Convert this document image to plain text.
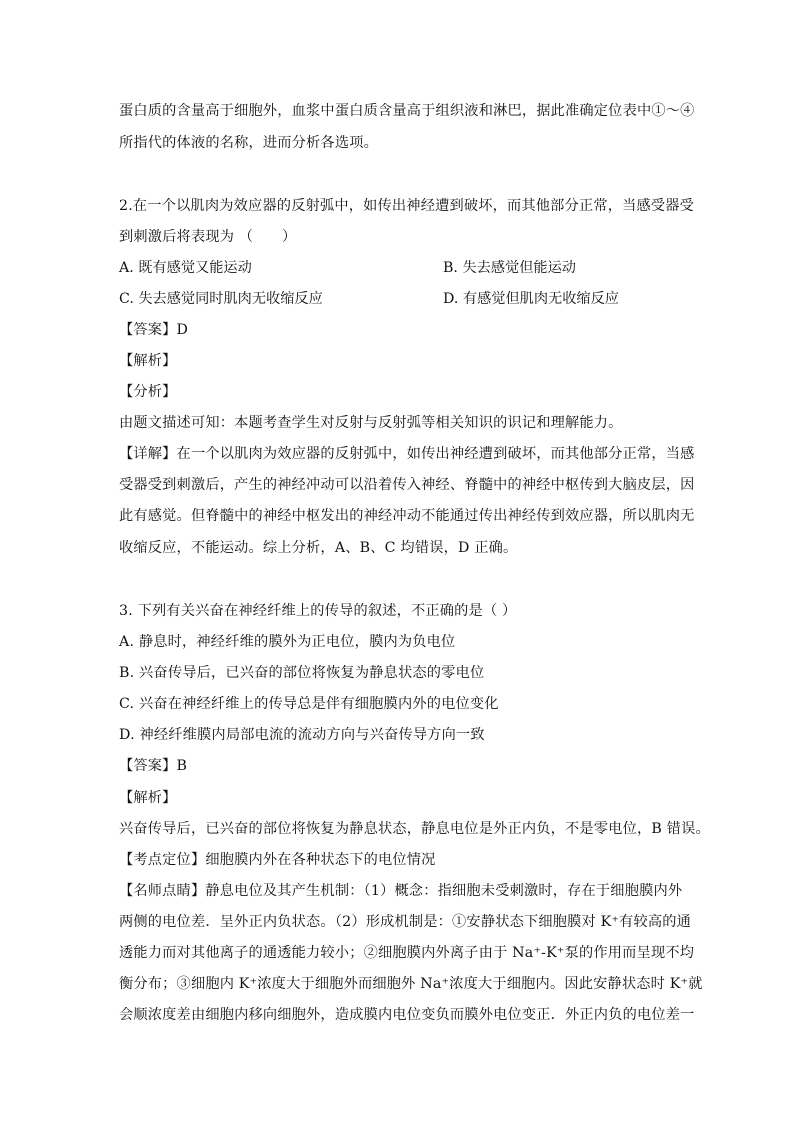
蛋白质的含量高于细胞外，血浆中蛋白质含量高于组织液和淋巴，据此准确定位表中①～④
所指代的体液的名称，进而分析各选项。
2.在一个以肌肉为效应器的反射弧中，如传出神经遭到破坏，而其他部分正常，当感受器受
到刺激后将表现为 （　　）
A. 既有感觉又能运动	B. 失去感觉但能运动
C. 失去感觉同时肌肉无收缩反应	D. 有感觉但肌肉无收缩反应
【答案】D
【解析】
【分析】
由题文描述可知：本题考查学生对反射与反射弧等相关知识的识记和理解能力。
【详解】在一个以肌肉为效应器的反射弧中，如传出神经遭到破坏，而其他部分正常，当感
受器受到刺激后，产生的神经冲动可以沿着传入神经、脊髓中的神经中枢传到大脑皮层，因
此有感觉。但脊髓中的神经中枢发出的神经冲动不能通过传出神经传到效应器，所以肌肉无
收缩反应，不能运动。综上分析，A、B、C 均错误，D 正确。
3. 下列有关兴奋在神经纤维上的传导的叙述，不正确的是（ ）
A. 静息时，神经纤维的膜外为正电位，膜内为负电位
B. 兴奋传导后，已兴奋的部位将恢复为静息状态的零电位
C. 兴奋在神经纤维上的传导总是伴有细胞膜内外的电位变化
D. 神经纤维膜内局部电流的流动方向与兴奋传导方向一致
【答案】B
【解析】
兴奋传导后，已兴奋的部位将恢复为静息状态，静息电位是外正内负，不是零电位，B 错误。
【考点定位】细胞膜内外在各种状态下的电位情况
【名师点睛】静息电位及其产生机制：（1）概念：指细胞未受刺激时，存在于细胞膜内外
两侧的电位差．呈外正内负状态。（2）形成机制是：①安静状态下细胞膜对 K⁺有较高的通
透能力而对其他离子的通透能力较小；②细胞膜内外离子由于 Na⁺-K⁺泵的作用而呈现不均
衡分布；③细胞内 K⁺浓度大于细胞外而细胞外 Na⁺浓度大于细胞内。因此安静状态时 K⁺就
会顺浓度差由细胞内移向细胞外，造成膜内电位变负而膜外电位变正．外正内负的电位差一
